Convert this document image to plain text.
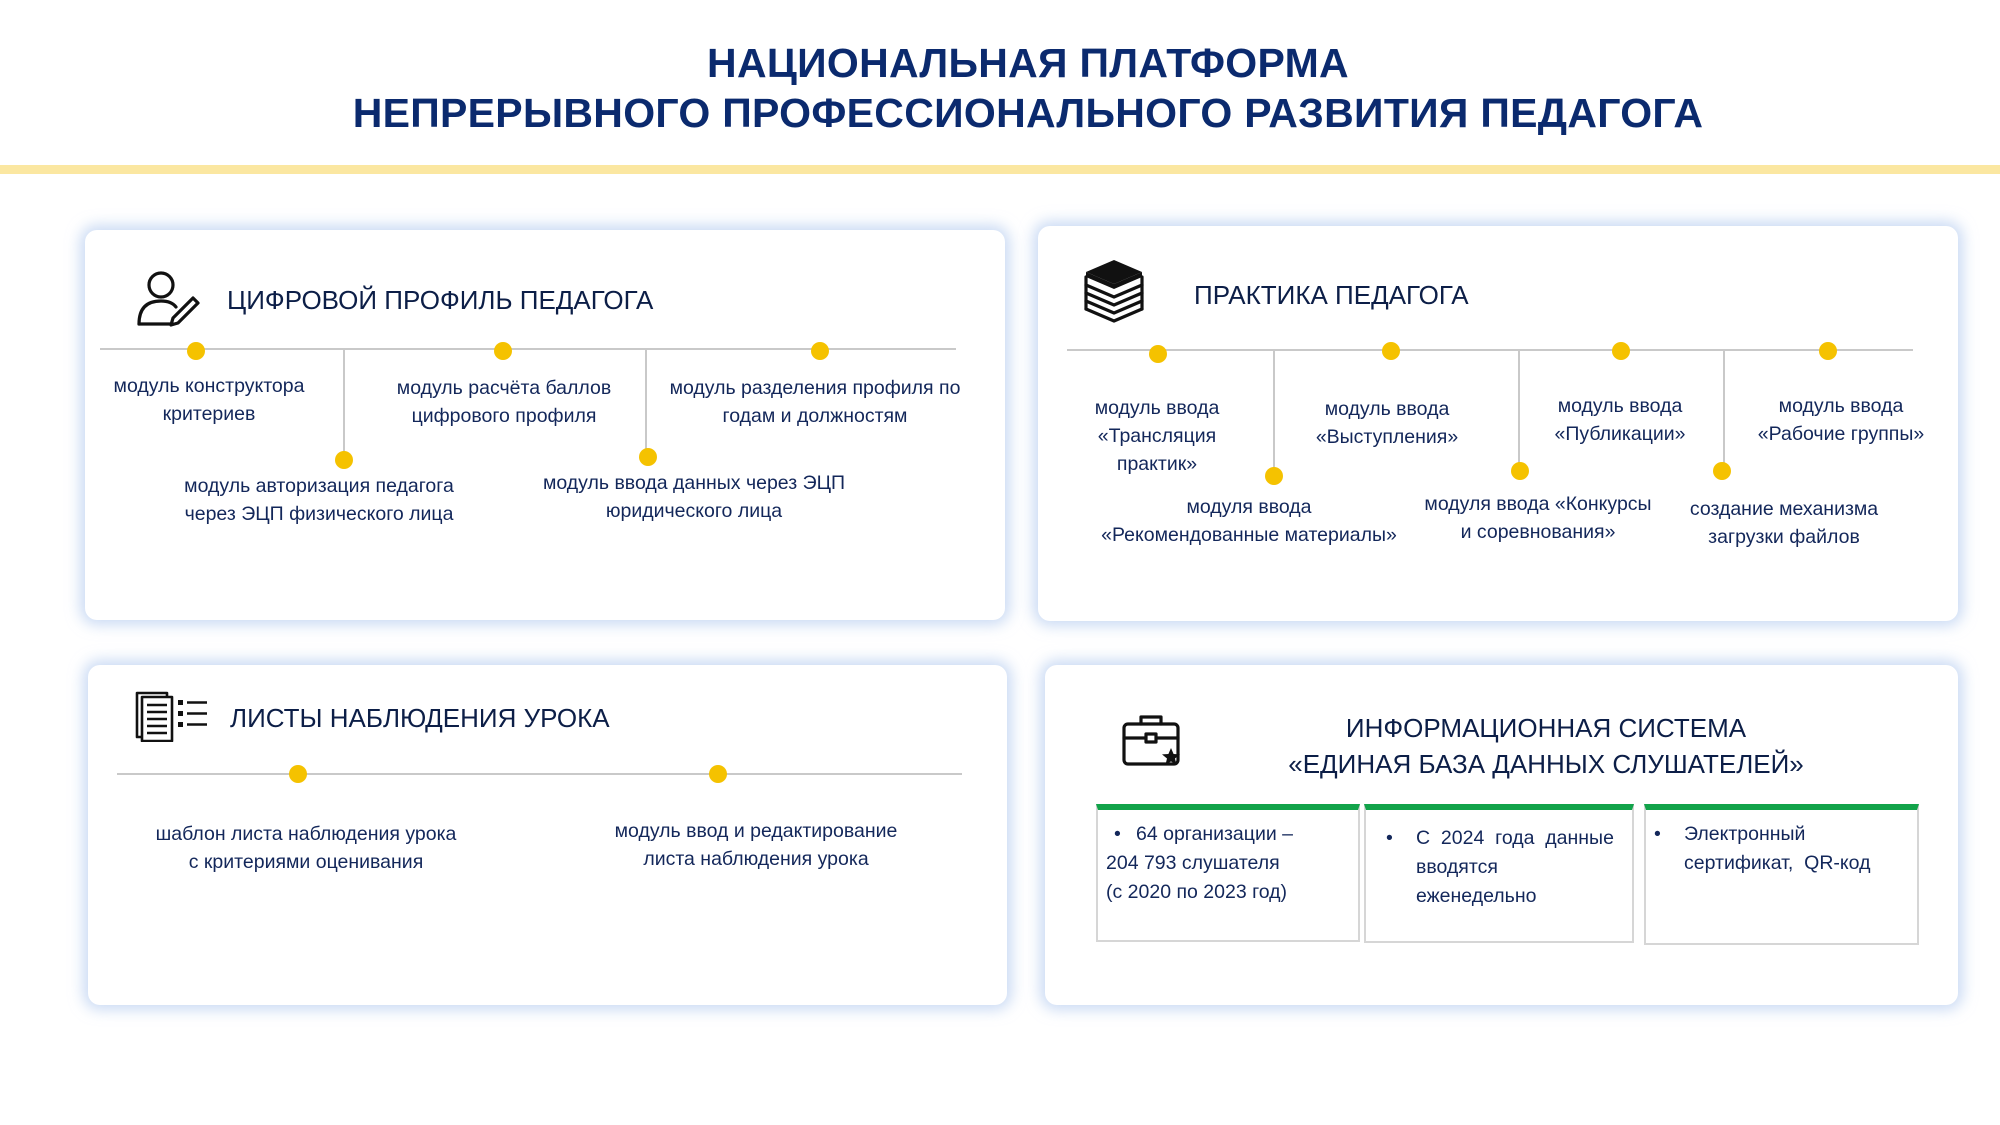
НАЦИОНАЛЬНАЯ ПЛАТФОРМА
НЕПРЕРЫВНОГО ПРОФЕССИОНАЛЬНОГО РАЗВИТИЯ ПЕДАГОГА
ЦИФРОВОЙ ПРОФИЛЬ ПЕДАГОГА
модуль конструктора
критериев
модуль авторизация педагога
через ЭЦП физического лица
модуль расчёта баллов
цифрового профиля
модуль ввода данных через ЭЦП
юридического лица
модуль разделения профиля по
годам и должностям
ПРАКТИКА ПЕДАГОГА
модуль ввода
«Трансляция
практик»
модуля ввода
«Рекомендованные материалы»
модуль ввода
«Выступления»
модуля ввода «Конкурсы
и соревнования»
модуль ввода
«Публикации»
создание механизма
загрузки файлов
модуль ввода
«Рабочие группы»
ЛИСТЫ НАБЛЮДЕНИЯ УРОКА
шаблон листа наблюдения урока
с критериями оценивания
модуль ввод и редактирование
листа наблюдения урока
ИНФОРМАЦИОННАЯ СИСТЕМА
«ЕДИНАЯ БАЗА ДАННЫХ СЛУШАТЕЛЕЙ»
• 64 организации –
204 793 слушателя
(с 2020 по 2023 год)
• С  2024  года  данные
вводятся
еженедельно
• Электронный
сертификат,  QR-код
